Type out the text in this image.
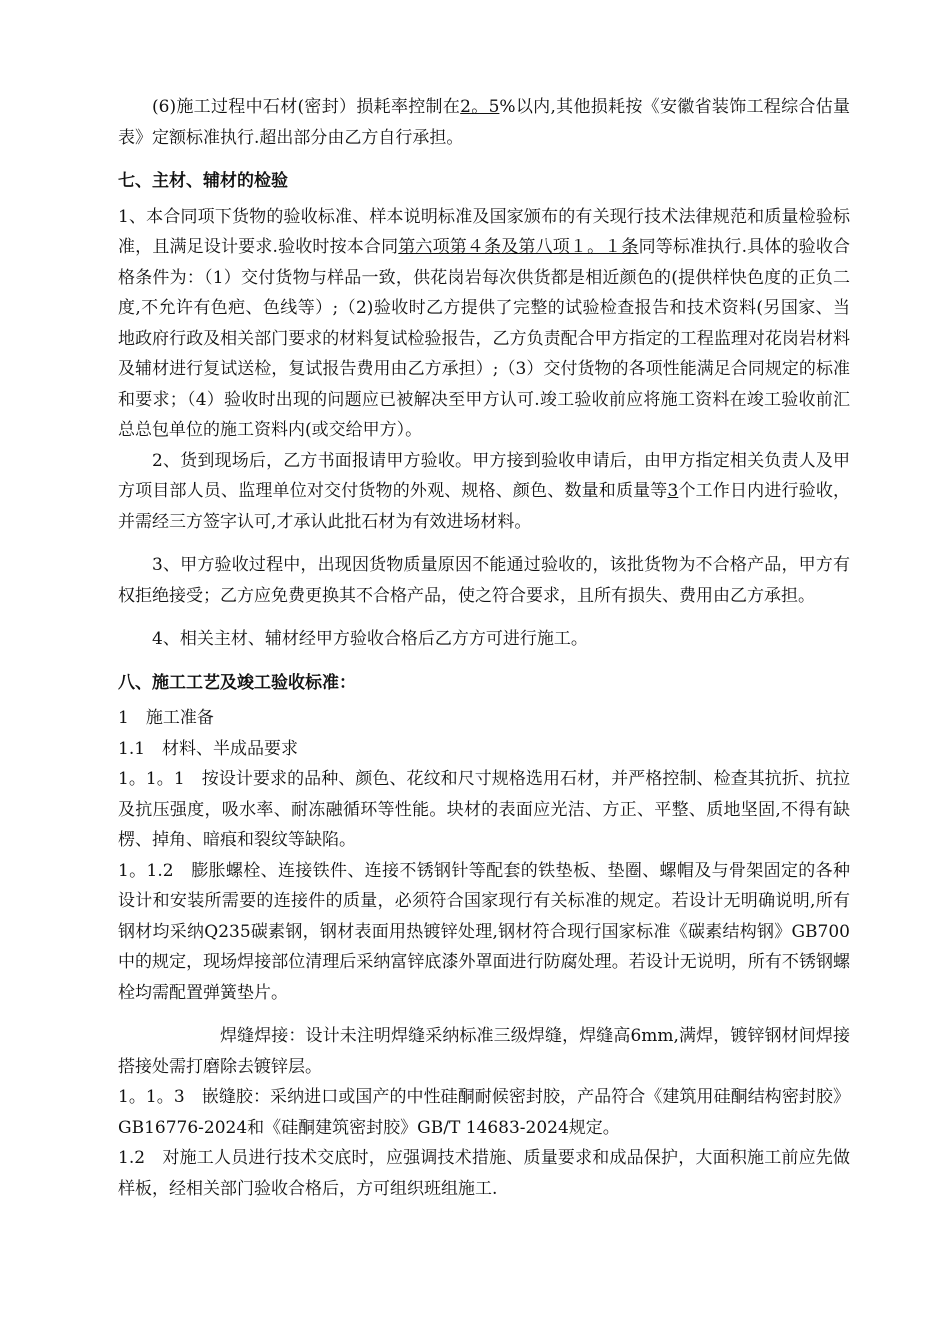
(6)施工过程中石材(密封）损耗率控制在2。5%以内,其他损耗按《安徽省装饰工程综合估量表》定额标准执行.超出部分由乙方自行承担。

七、主材、辅材的检验

1、本合同项下货物的验收标准、样本说明标准及国家颁布的有关现行技术法律规范和质量检验标准，且满足设计要求.验收时按本合同第六项第４条及第八项１。１条同等标准执行.具体的验收合格条件为：（1）交付货物与样品一致，供花岗岩每次供货都是相近颜色的(提供样快色度的正负二度,不允许有色疤、色线等）;（2)验收时乙方提供了完整的试验检查报告和技术资料(另国家、当地政府行政及相关部门要求的材料复试检验报告，乙方负责配合甲方指定的工程监理对花岗岩材料及辅材进行复试送检，复试报告费用由乙方承担）;（3）交付货物的各项性能满足合同规定的标准和要求；（4）验收时出现的问题应已被解决至甲方认可.竣工验收前应将施工资料在竣工验收前汇总总包单位的施工资料内(或交给甲方）。

2、货到现场后，乙方书面报请甲方验收。甲方接到验收申请后，由甲方指定相关负责人及甲方项目部人员、监理单位对交付货物的外观、规格、颜色、数量和质量等3个工作日内进行验收，并需经三方签字认可,才承认此批石材为有效进场材料。

3、甲方验收过程中，出现因货物质量原因不能通过验收的，该批货物为不合格产品，甲方有权拒绝接受；乙方应免费更换其不合格产品，使之符合要求，且所有损失、费用由乙方承担。

4、相关主材、辅材经甲方验收合格后乙方方可进行施工。

八、施工工艺及竣工验收标准：

1　施工准备

1.1　材料、半成品要求

1。1。1　按设计要求的品种、颜色、花纹和尺寸规格选用石材，并严格控制、检查其抗折、抗拉及抗压强度，吸水率、耐冻融循环等性能。块材的表面应光洁、方正、平整、质地坚固,不得有缺楞、掉角、暗痕和裂纹等缺陷。

1。1.2　膨胀螺栓、连接铁件、连接不锈钢针等配套的铁垫板、垫圈、螺帽及与骨架固定的各种设计和安装所需要的连接件的质量，必须符合国家现行有关标准的规定。若设计无明确说明,所有钢材均采纳Q235碳素钢，钢材表面用热镀锌处理,钢材符合现行国家标准《碳素结构钢》GB700中的规定，现场焊接部位清理后采纳富锌底漆外罩面进行防腐处理。若设计无说明，所有不锈钢螺栓均需配置弹簧垫片。

焊缝焊接：设计未注明焊缝采纳标准三级焊缝，焊缝高6mm,满焊，镀锌钢材间焊接搭接处需打磨除去镀锌层。

1。1。3　嵌缝胶：采纳进口或国产的中性硅酮耐候密封胶，产品符合《建筑用硅酮结构密封胶》GB16776-2024和《硅酮建筑密封胶》GB/T 14683-2024规定。

1.2　对施工人员进行技术交底时，应强调技术措施、质量要求和成品保护，大面积施工前应先做样板，经相关部门验收合格后，方可组织班组施工.
